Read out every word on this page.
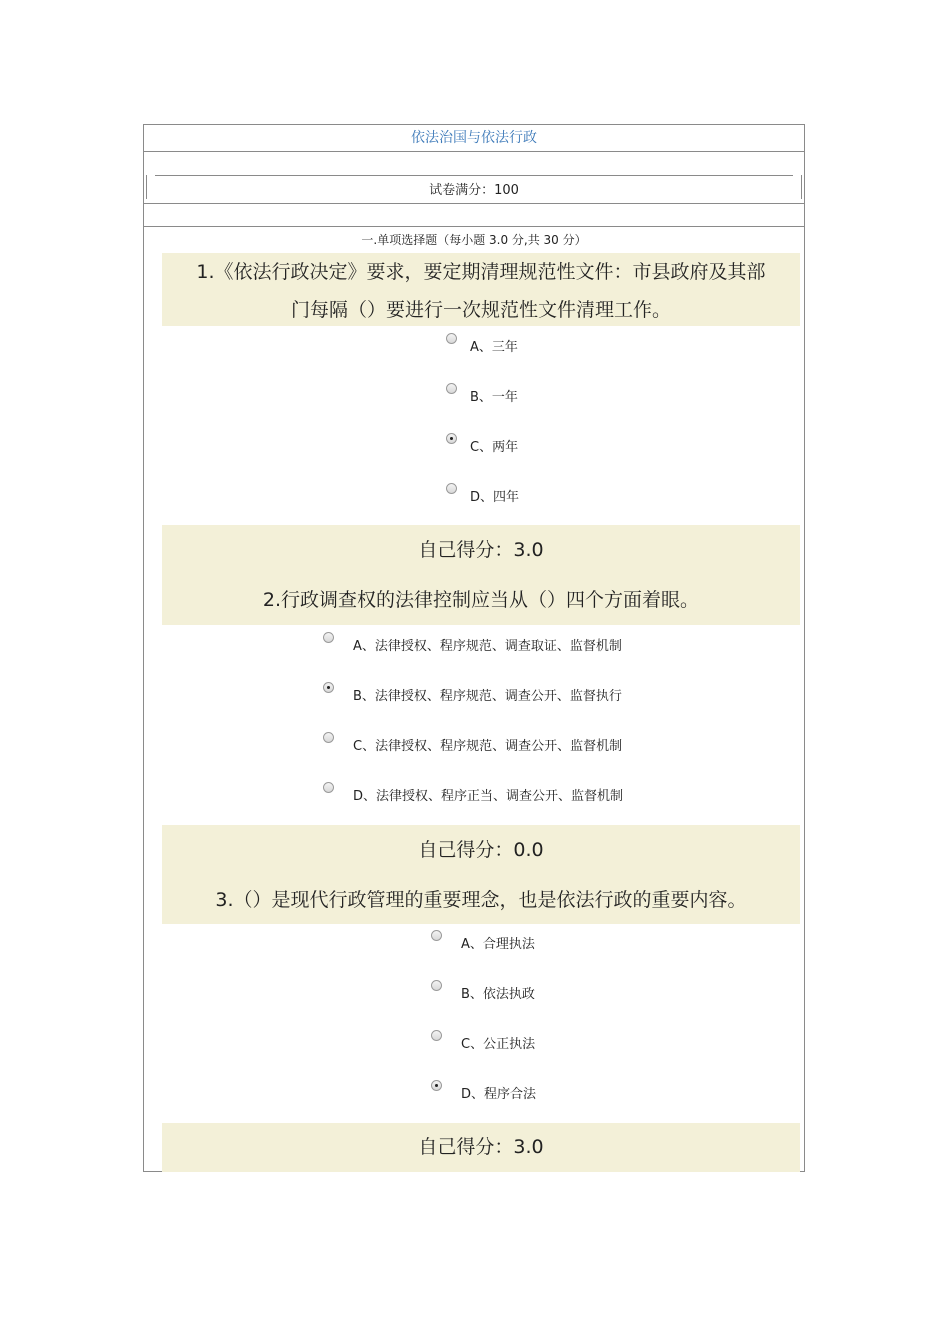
依法治国与依法行政
试卷满分：100
一.单项选择题（每小题 3.0 分,共 30 分）
1.《依法行政决定》要求，要定期清理规范性文件：市县政府及其部
门每隔（）要进行一次规范性文件清理工作。
A、三年
B、一年
C、两年
D、四年
自己得分：3.0
2.行政调查权的法律控制应当从（）四个方面着眼。
A、法律授权、程序规范、调查取证、监督机制
B、法律授权、程序规范、调查公开、监督执行
C、法律授权、程序规范、调查公开、监督机制
D、法律授权、程序正当、调查公开、监督机制
自己得分：0.0
3.（）是现代行政管理的重要理念，也是依法行政的重要内容。
A、合理执法
B、依法执政
C、公正执法
D、程序合法
自己得分：3.0
